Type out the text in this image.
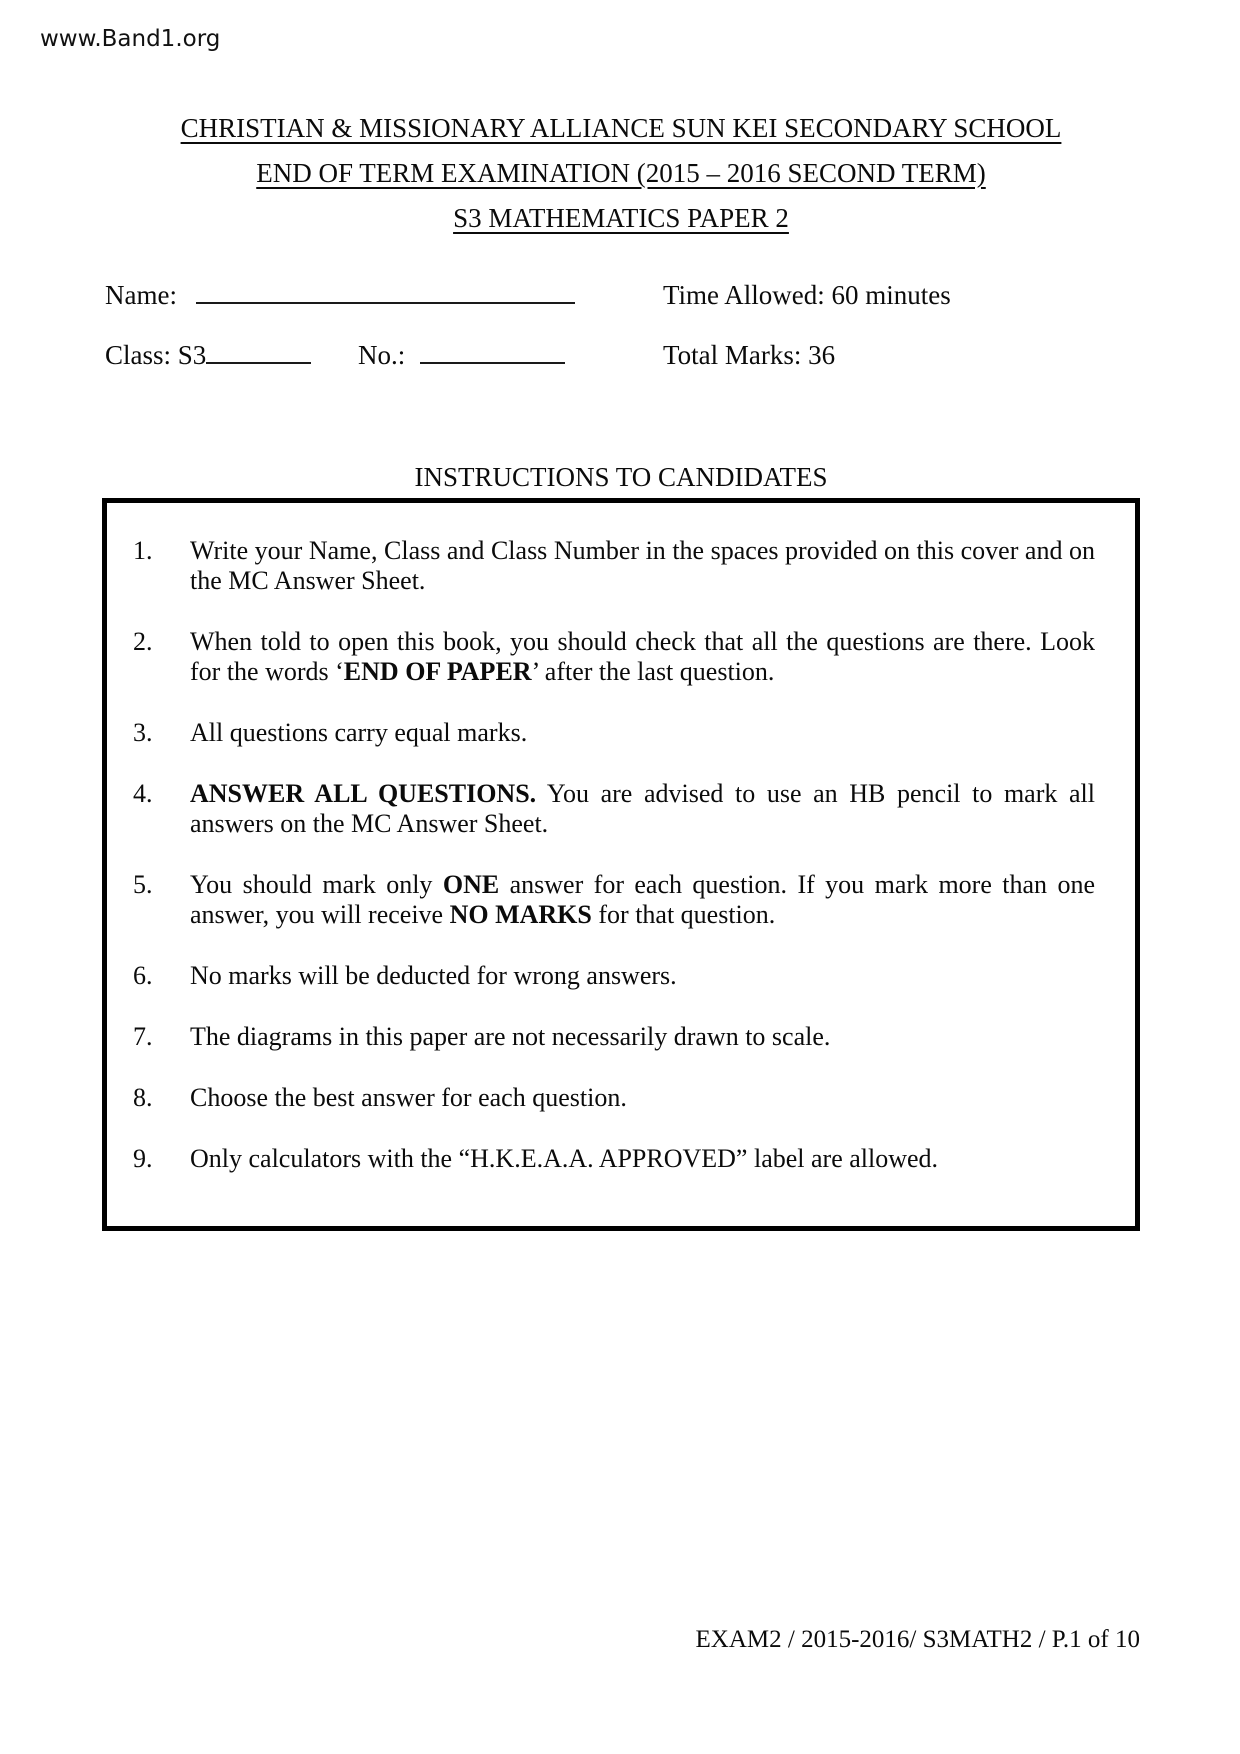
www.Band1.org
CHRISTIAN & MISSIONARY ALLIANCE SUN KEI SECONDARY SCHOOL
END OF TERM EXAMINATION (2015 – 2016 SECOND TERM)
S3 MATHEMATICS PAPER 2
Name:	Time Allowed: 60 minutes
Class: S3	No.:	Total Marks: 36
INSTRUCTIONS TO CANDIDATES
1.	Write your Name, Class and Class Number in the spaces provided on this cover and on the MC Answer Sheet.
2.	When told to open this book, you should check that all the questions are there. Look for the words ‘END OF PAPER’ after the last question.
3.	All questions carry equal marks.
4.	ANSWER ALL QUESTIONS. You are advised to use an HB pencil to mark all answers on the MC Answer Sheet.
5.	You should mark only ONE answer for each question. If you mark more than one answer, you will receive NO MARKS for that question.
6.	No marks will be deducted for wrong answers.
7.	The diagrams in this paper are not necessarily drawn to scale.
8.	Choose the best answer for each question.
9.	Only calculators with the “H.K.E.A.A. APPROVED” label are allowed.
EXAM2 / 2015-2016/ S3MATH2 / P.1 of 10
